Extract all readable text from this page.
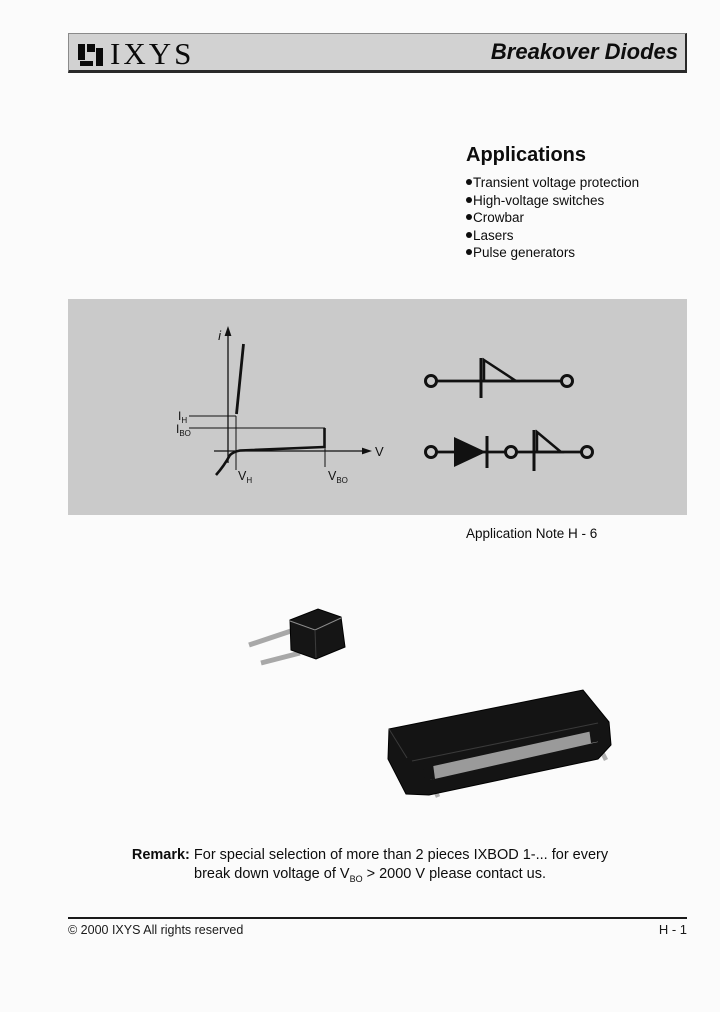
IXYS	Breakover Diodes
Applications
Transient voltage protection
High-voltage switches
Crowbar
Lasers
Pulse generators
i
V
$I_H$
$I_{BO}$
$V_H$	$V_{BO}$
Application Note H - 6
Remark: For special selection of more than 2 pieces IXBOD 1-... for every
break down voltage of $V_{BO} > 2000$ V please contact us.
© 2000 IXYS All rights reserved	H - 1
